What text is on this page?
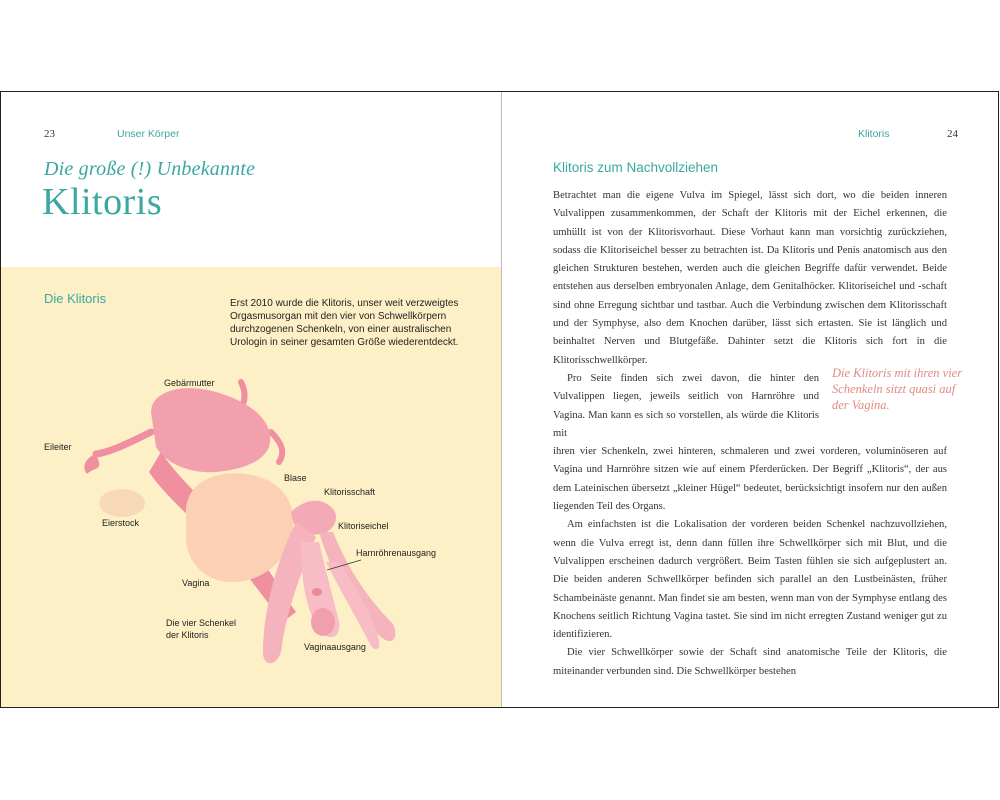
23	Unser Körper
Die große (!) Unbekannte
Klitoris
Die Klitoris	Erst 2010 wurde die Klitoris, unser weit verzweigtes Orgasmusorgan mit den vier von Schwellkörpern durchzogenen Schenkeln, von einer australischen Urologin in seiner gesamten Größe wiederentdeckt.
Gebärmutter
Eileiter
Blase
Klitorisschaft
Eierstock	Klitoriseichel
Harnröhrenausgang
Vagina
Die vier Schenkel
der Klitoris
Vaginaausgang
Klitoris	24
Klitoris zum Nachvollziehen

Betrachtet man die eigene Vulva im Spiegel, lässt sich dort, wo die beiden inneren Vulvalippen zusammenkommen, der Schaft der Klitoris mit der Eichel erkennen, die umhüllt ist von der Klitorisvorhaut. Diese Vorhaut kann man vorsichtig zurückziehen, sodass die Klitoriseichel besser zu betrachten ist. Da Klitoris und Penis anatomisch aus den gleichen Strukturen bestehen, werden auch die gleichen Begriffe dafür verwendet. Beide entstehen aus derselben embryonalen Anlage, dem Genitalhöcker. Klitoriseichel und -schaft sind ohne Erregung sichtbar und tastbar. Auch die Verbindung zwischen dem Klitorisschaft und der Symphyse, also dem Knochen darüber, lässt sich ertasten. Sie ist länglich und beinhaltet Nerven und Blutgefäße. Dahinter setzt die Klitoris sich fort in die Klitorisschwellkörper.

Pro Seite finden sich zwei davon, die hinter den Vulvalippen liegen, jeweils seitlich von Harnröhre und Vagina. Man kann es sich so vorstellen, als würde die Klitoris mit

ihren vier Schenkeln, zwei hinteren, schmaleren und zwei vorderen, voluminöseren auf Vagina und Harnröhre sitzen wie auf einem Pferderücken. Der Begriff „Klitoris“, der aus dem Lateinischen übersetzt „kleiner Hügel“ bedeutet, berücksichtigt insofern nur den außen liegenden Teil des Organs.

Am einfachsten ist die Lokalisation der vorderen beiden Schenkel nachzuvollziehen, wenn die Vulva erregt ist, denn dann füllen ihre Schwellkörper sich mit Blut, und die Vulvalippen erscheinen dadurch vergrößert. Beim Tasten fühlen sie sich aufgeplustert an. Die beiden anderen Schwellkörper befinden sich parallel an den Lustbeinästen, früher Schambeinäste genannt. Man findet sie am besten, wenn man von der Symphyse entlang des Knochens seitlich Richtung Vagina tastet. Sie sind im nicht erregten Zustand weniger gut zu identifizieren.

Die vier Schwellkörper sowie der Schaft sind anatomische Teile der Klitoris, die miteinander verbunden sind. Die Schwellkörper bestehen

Die Klitoris mit ihren vier Schenkeln sitzt quasi auf der Vagina.
